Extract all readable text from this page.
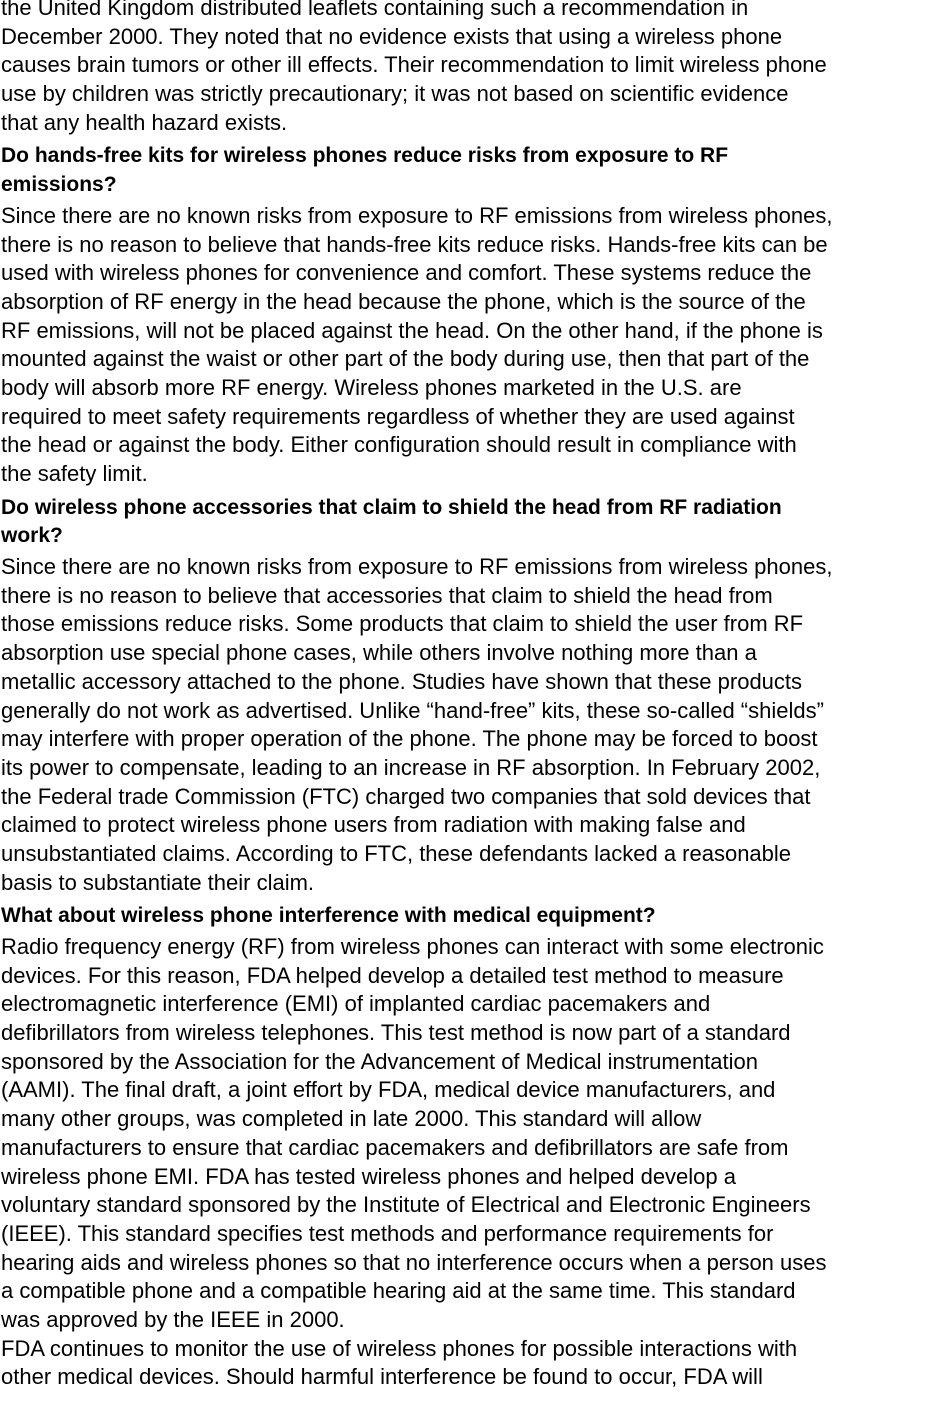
the United Kingdom distributed leaflets containing such a recommendation in
December 2000. They noted that no evidence exists that using a wireless phone
causes brain tumors or other ill effects. Their recommendation to limit wireless phone
use by children was strictly precautionary; it was not based on scientific evidence
that any health hazard exists.
Do hands-free kits for wireless phones reduce risks from exposure to RF
emissions?
Since there are no known risks from exposure to RF emissions from wireless phones,
there is no reason to believe that hands-free kits reduce risks. Hands-free kits can be
used with wireless phones for convenience and comfort. These systems reduce the
absorption of RF energy in the head because the phone, which is the source of the
RF emissions, will not be placed against the head. On the other hand, if the phone is
mounted against the waist or other part of the body during use, then that part of the
body will absorb more RF energy. Wireless phones marketed in the U.S. are
required to meet safety requirements regardless of whether they are used against
the head or against the body. Either configuration should result in compliance with
the safety limit.
Do wireless phone accessories that claim to shield the head from RF radiation
work?
Since there are no known risks from exposure to RF emissions from wireless phones,
there is no reason to believe that accessories that claim to shield the head from
those emissions reduce risks. Some products that claim to shield the user from RF
absorption use special phone cases, while others involve nothing more than a
metallic accessory attached to the phone. Studies have shown that these products
generally do not work as advertised. Unlike “hand-free” kits, these so-called “shields”
may interfere with proper operation of the phone. The phone may be forced to boost
its power to compensate, leading to an increase in RF absorption. In February 2002,
the Federal trade Commission (FTC) charged two companies that sold devices that
claimed to protect wireless phone users from radiation with making false and
unsubstantiated claims. According to FTC, these defendants lacked a reasonable
basis to substantiate their claim.
What about wireless phone interference with medical equipment?
Radio frequency energy (RF) from wireless phones can interact with some electronic
devices. For this reason, FDA helped develop a detailed test method to measure
electromagnetic interference (EMI) of implanted cardiac pacemakers and
defibrillators from wireless telephones. This test method is now part of a standard
sponsored by the Association for the Advancement of Medical instrumentation
(AAMI). The final draft, a joint effort by FDA, medical device manufacturers, and
many other groups, was completed in late 2000. This standard will allow
manufacturers to ensure that cardiac pacemakers and defibrillators are safe from
wireless phone EMI. FDA has tested wireless phones and helped develop a
voluntary standard sponsored by the Institute of Electrical and Electronic Engineers
(IEEE). This standard specifies test methods and performance requirements for
hearing aids and wireless phones so that no interference occurs when a person uses
a compatible phone and a compatible hearing aid at the same time. This standard
was approved by the IEEE in 2000.
FDA continues to monitor the use of wireless phones for possible interactions with
other medical devices. Should harmful interference be found to occur, FDA will
